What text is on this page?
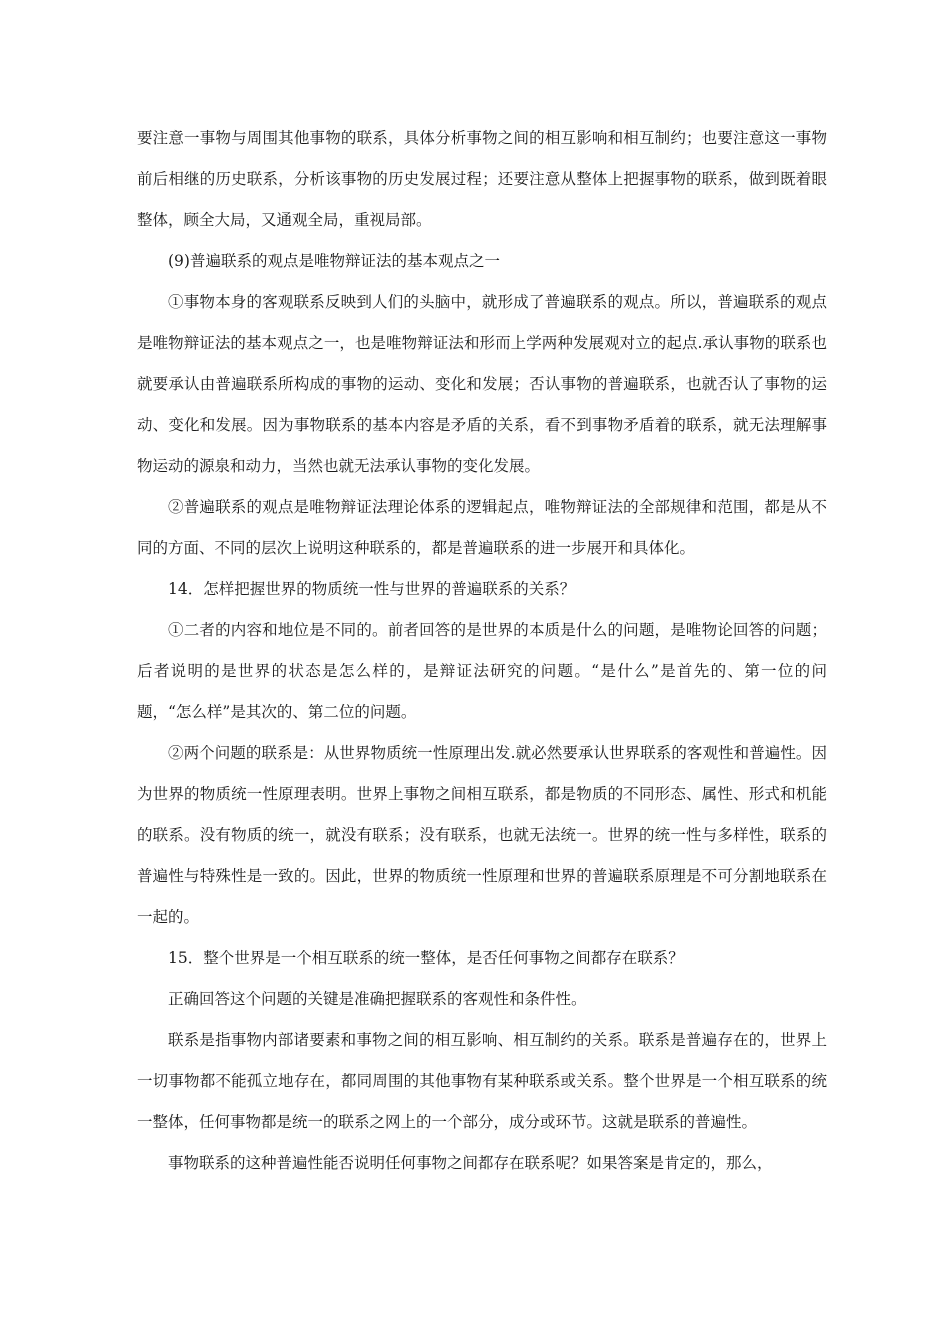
要注意一事物与周围其他事物的联系，具体分析事物之间的相互影响和相互制约；也要注意这一事物前后相继的历史联系，分析该事物的历史发展过程；还要注意从整体上把握事物的联系，做到既着眼整体，顾全大局，又通观全局，重视局部。

(9)普遍联系的观点是唯物辩证法的基本观点之一

①事物本身的客观联系反映到人们的头脑中，就形成了普遍联系的观点。所以，普遍联系的观点是唯物辩证法的基本观点之一，也是唯物辩证法和形而上学两种发展观对立的起点.承认事物的联系也就要承认由普遍联系所构成的事物的运动、变化和发展；否认事物的普遍联系，也就否认了事物的运动、变化和发展。因为事物联系的基本内容是矛盾的关系，看不到事物矛盾着的联系，就无法理解事物运动的源泉和动力，当然也就无法承认事物的变化发展。

②普遍联系的观点是唯物辩证法理论体系的逻辑起点，唯物辩证法的全部规律和范围，都是从不同的方面、不同的层次上说明这种联系的，都是普遍联系的进一步展开和具体化。

14．怎样把握世界的物质统一性与世界的普遍联系的关系？

①二者的内容和地位是不同的。前者回答的是世界的本质是什么的问题，是唯物论回答的问题；后者说明的是世界的状态是怎么样的，是辩证法研究的问题。“是什么”是首先的、第一位的问题，“怎么样”是其次的、第二位的问题。

②两个问题的联系是：从世界物质统一性原理出发.就必然要承认世界联系的客观性和普遍性。因为世界的物质统一性原理表明。世界上事物之间相互联系，都是物质的不同形态、属性、形式和机能的联系。没有物质的统一，就没有联系；没有联系，也就无法统一。世界的统一性与多样性，联系的普遍性与特殊性是一致的。因此，世界的物质统一性原理和世界的普遍联系原理是不可分割地联系在一起的。

15．整个世界是一个相互联系的统一整体，是否任何事物之间都存在联系？

正确回答这个问题的关键是准确把握联系的客观性和条件性。

联系是指事物内部诸要素和事物之间的相互影响、相互制约的关系。联系是普遍存在的，世界上一切事物都不能孤立地存在，都同周围的其他事物有某种联系或关系。整个世界是一个相互联系的统一整体，任何事物都是统一的联系之网上的一个部分，成分或环节。这就是联系的普遍性。

事物联系的这种普遍性能否说明任何事物之间都存在联系呢？如果答案是肯定的，那么，
